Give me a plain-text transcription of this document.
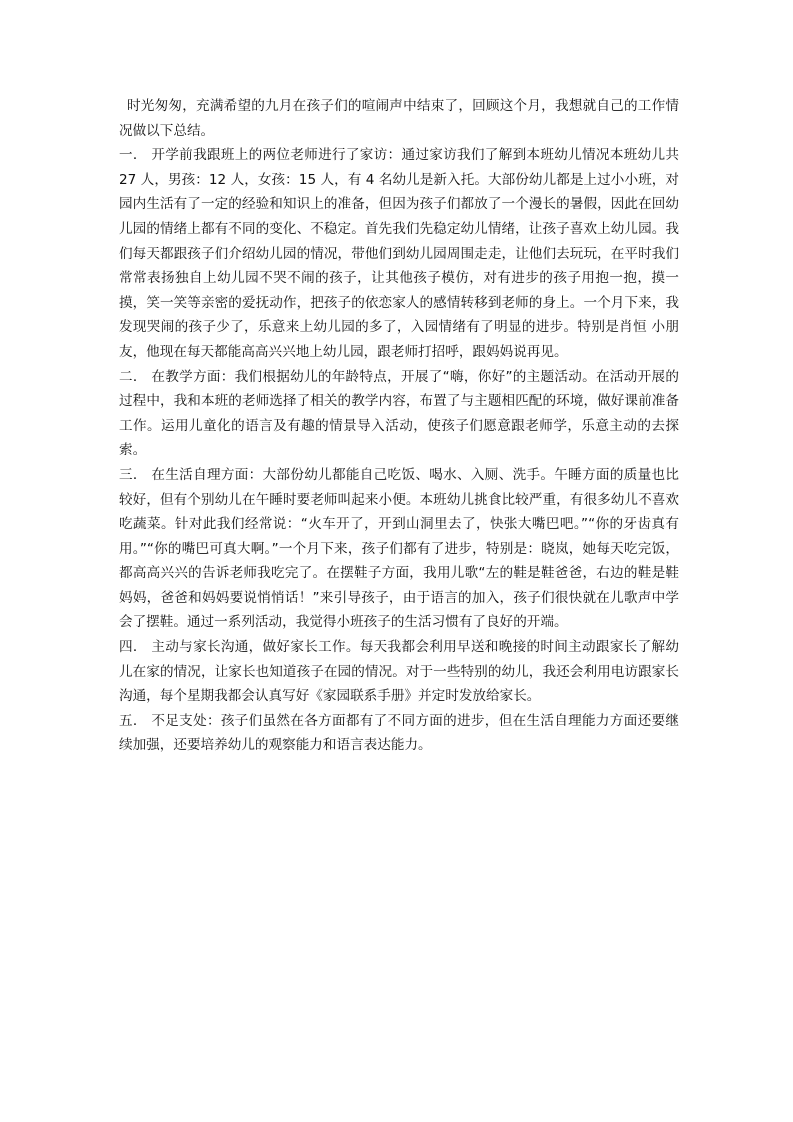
时光匆匆，充满希望的九月在孩子们的喧闹声中结束了，回顾这个月，我想就自己的工作情况做以下总结。

一． 开学前我跟班上的两位老师进行了家访：通过家访我们了解到本班幼儿情况本班幼儿共 27 人，男孩：12 人，女孩：15 人，有 4 名幼儿是新入托。大部份幼儿都是上过小小班，对园内生活有了一定的经验和知识上的准备，但因为孩子们都放了一个漫长的暑假，因此在回幼儿园的情绪上都有不同的变化、不稳定。首先我们先稳定幼儿情绪，让孩子喜欢上幼儿园。我们每天都跟孩子们介绍幼儿园的情况，带他们到幼儿园周围走走，让他们去玩玩，在平时我们常常表扬独自上幼儿园不哭不闹的孩子，让其他孩子模仿，对有进步的孩子用抱一抱，摸一摸，笑一笑等亲密的爱抚动作，把孩子的依恋家人的感情转移到老师的身上。一个月下来，我发现哭闹的孩子少了，乐意来上幼儿园的多了，入园情绪有了明显的进步。特别是肖恒 小朋友，他现在每天都能高高兴兴地上幼儿园，跟老师打招呼，跟妈妈说再见。

二． 在教学方面：我们根据幼儿的年龄特点，开展了“嗨，你好”的主题活动。在活动开展的过程中，我和本班的老师选择了相关的教学内容，布置了与主题相匹配的环境，做好课前准备工作。运用儿童化的语言及有趣的情景导入活动，使孩子们愿意跟老师学，乐意主动的去探索。

三． 在生活自理方面：大部份幼儿都能自己吃饭、喝水、入厕、洗手。午睡方面的质量也比较好，但有个别幼儿在午睡时要老师叫起来小便。本班幼儿挑食比较严重，有很多幼儿不喜欢吃蔬菜。针对此我们经常说：“火车开了，开到山洞里去了，快张大嘴巴吧。”“你的牙齿真有用。”“你的嘴巴可真大啊。”一个月下来，孩子们都有了进步，特别是：晓岚，她每天吃完饭，都高高兴兴的告诉老师我吃完了。在摆鞋子方面，我用儿歌“左的鞋是鞋爸爸，右边的鞋是鞋妈妈，爸爸和妈妈要说悄悄话！”来引导孩子，由于语言的加入，孩子们很快就在儿歌声中学会了摆鞋。通过一系列活动，我觉得小班孩子的生活习惯有了良好的开端。

四． 主动与家长沟通，做好家长工作。每天我都会利用早送和晚接的时间主动跟家长了解幼儿在家的情况，让家长也知道孩子在园的情况。对于一些特别的幼儿，我还会利用电访跟家长沟通，每个星期我都会认真写好《家园联系手册》并定时发放给家长。

五． 不足支处：孩子们虽然在各方面都有了不同方面的进步，但在生活自理能力方面还要继续加强，还要培养幼儿的观察能力和语言表达能力。
